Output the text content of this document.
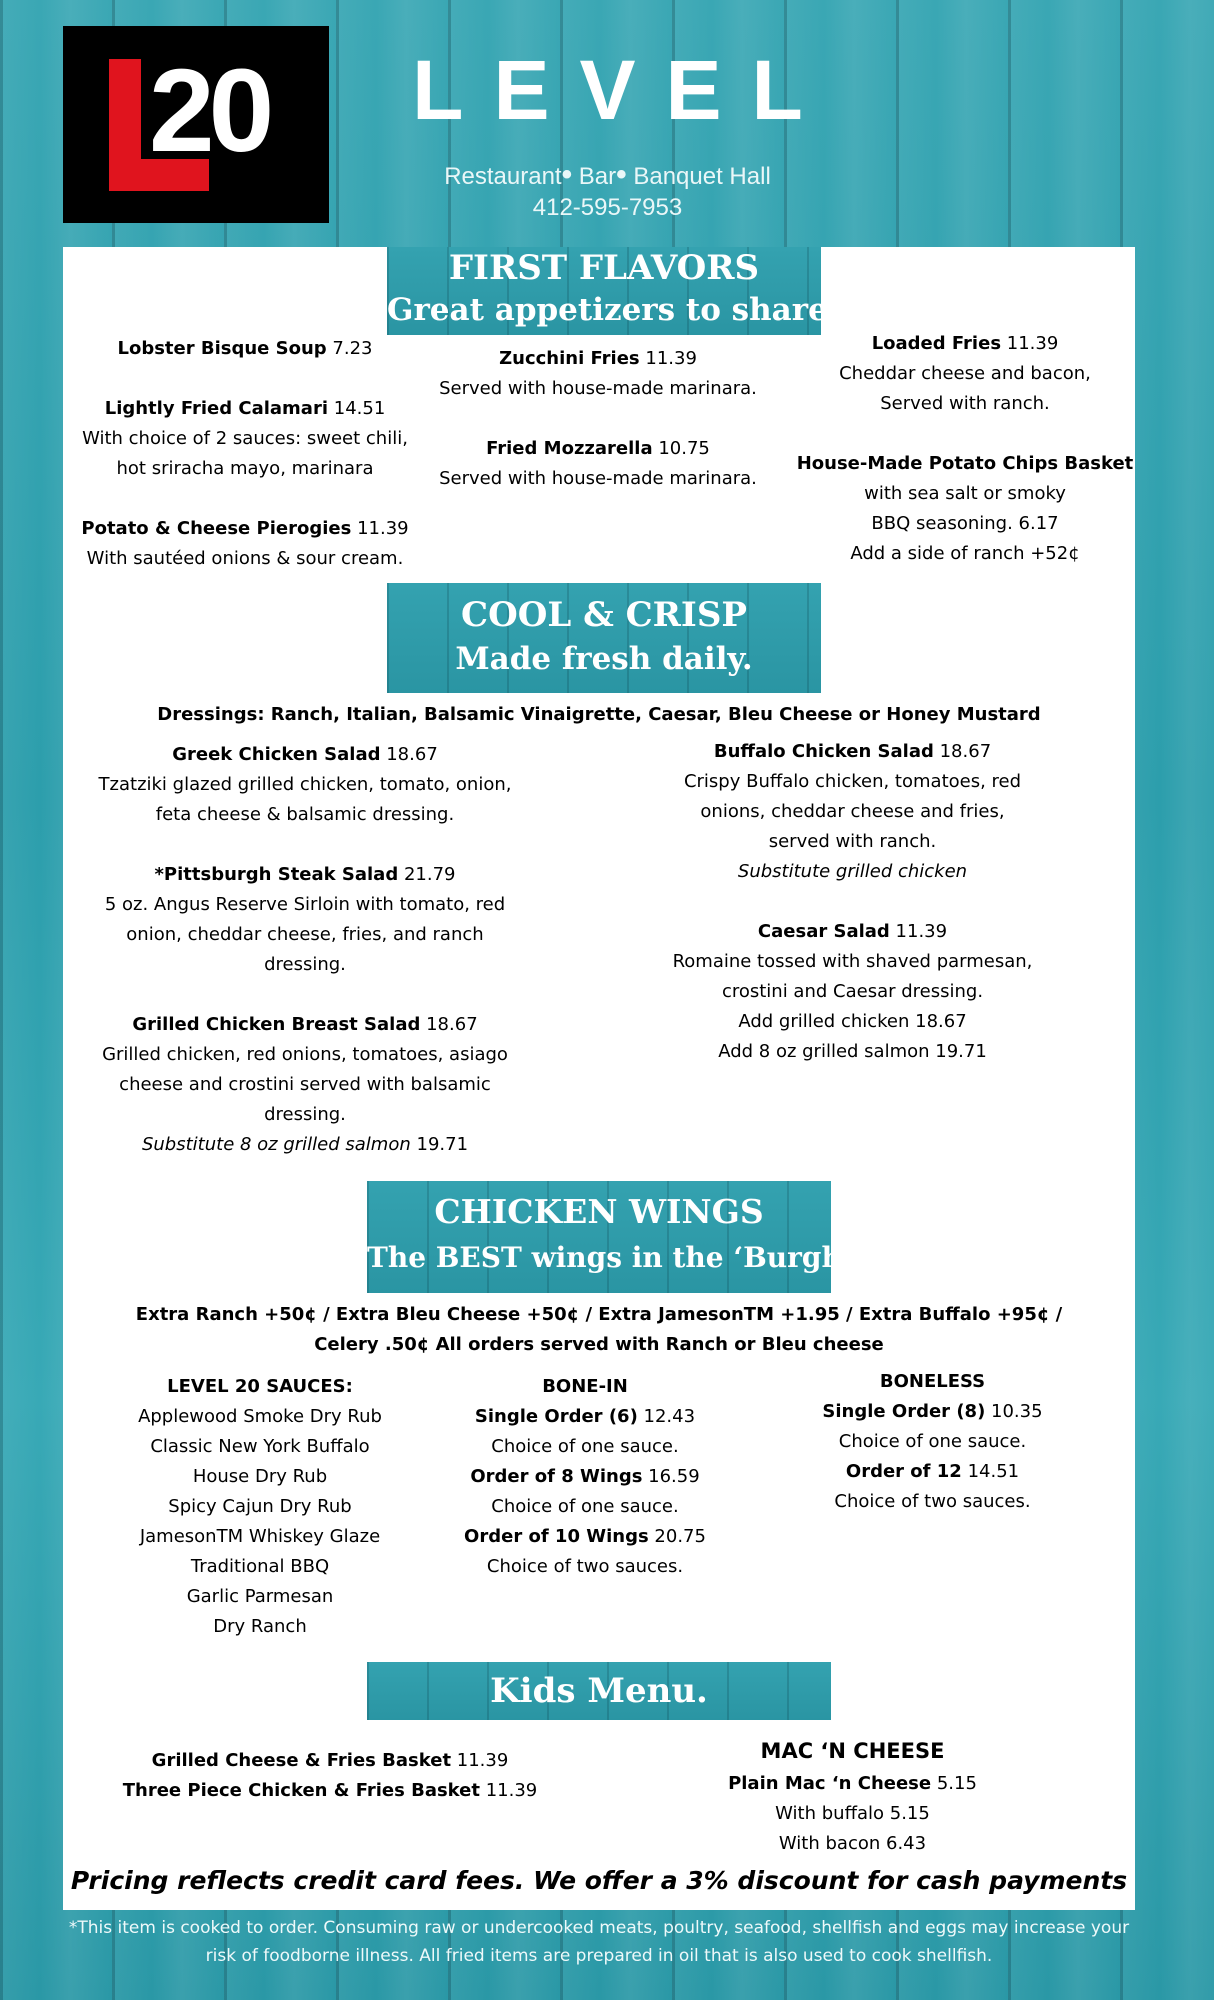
20	LEVEL
Restaurant• Bar• Banquet Hall
412-595-7953
FIRST FLAVORS
Great appetizers to share!
Lobster Bisque Soup 7.23
Lightly Fried Calamari 14.51
With choice of 2 sauces: sweet chili,
hot sriracha mayo, marinara
Potato & Cheese Pierogies 11.39
With sautéed onions & sour cream.
Zucchini Fries 11.39
Served with house-made marinara.
Fried Mozzarella 10.75
Served with house-made marinara.
Loaded Fries 11.39
Cheddar cheese and bacon,
Served with ranch.
House-Made Potato Chips Basket
with sea salt or smoky
BBQ seasoning. 6.17
Add a side of ranch +52¢
COOL & CRISP
Made fresh daily.
Dressings: Ranch, Italian, Balsamic Vinaigrette, Caesar, Bleu Cheese or Honey Mustard
Greek Chicken Salad 18.67
Tzatziki glazed grilled chicken, tomato, onion,
feta cheese & balsamic dressing.
*Pittsburgh Steak Salad 21.79
5 oz. Angus Reserve Sirloin with tomato, red
onion, cheddar cheese, fries, and ranch
dressing.
Grilled Chicken Breast Salad 18.67
Grilled chicken, red onions, tomatoes, asiago
cheese and crostini served with balsamic
dressing.
Substitute 8 oz grilled salmon 19.71
Buffalo Chicken Salad 18.67
Crispy Buffalo chicken, tomatoes, red
onions, cheddar cheese and fries,
served with ranch.
Substitute grilled chicken
Caesar Salad 11.39
Romaine tossed with shaved parmesan,
crostini and Caesar dressing.
Add grilled chicken 18.67
Add 8 oz grilled salmon 19.71
CHICKEN WINGS
The BEST wings in the ‘Burgh.
Extra Ranch +50¢ / Extra Bleu Cheese +50¢ / Extra JamesonTM +1.95 / Extra Buffalo +95¢ /
Celery .50¢ All orders served with Ranch or Bleu cheese
LEVEL 20 SAUCES:
Applewood Smoke Dry Rub
Classic New York Buffalo
House Dry Rub
Spicy Cajun Dry Rub
JamesonTM Whiskey Glaze
Traditional BBQ
Garlic Parmesan
Dry Ranch
BONE-IN
Single Order (6) 12.43
Choice of one sauce.
Order of 8 Wings 16.59
Choice of one sauce.
Order of 10 Wings 20.75
Choice of two sauces.
BONELESS
Single Order (8) 10.35
Choice of one sauce.
Order of 12 14.51
Choice of two sauces.
Kids Menu.
Grilled Cheese & Fries Basket 11.39
Three Piece Chicken & Fries Basket 11.39
MAC ‘N CHEESE
Plain Mac ‘n Cheese 5.15
With buffalo 5.15
With bacon 6.43
Pricing reflects credit card fees. We offer a 3% discount for cash payments
*This item is cooked to order. Consuming raw or undercooked meats, poultry, seafood, shellfish and eggs may increase your
risk of foodborne illness. All fried items are prepared in oil that is also used to cook shellfish.
